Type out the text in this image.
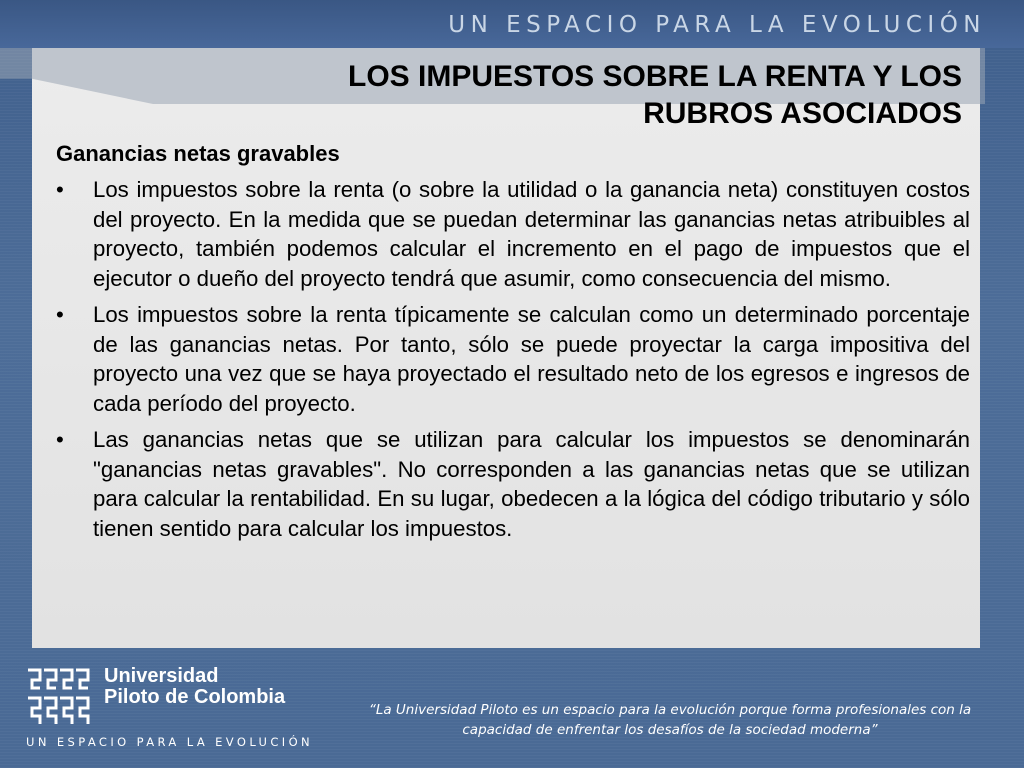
UN ESPACIO PARA LA EVOLUCIÓN
LOS IMPUESTOS SOBRE LA RENTA Y LOS
RUBROS ASOCIADOS
Ganancias netas gravables
• Los impuestos sobre la renta (o sobre la utilidad o la ganancia neta) constituyen costos del proyecto. En la medida que se puedan determinar las ganancias netas atribuibles al proyecto, también podemos calcular el incremento en el pago de impuestos que el ejecutor o dueño del proyecto tendrá que asumir, como consecuencia del mismo.
• Los impuestos sobre la renta típicamente se calculan como un determinado porcentaje de las ganancias netas. Por tanto, sólo se puede proyectar la carga impositiva del proyecto una vez que se haya proyectado el resultado neto de los egresos e ingresos de cada período del proyecto.
• Las ganancias netas que se utilizan para calcular los impuestos se denominarán "ganancias netas gravables". No corresponden a las ganancias netas que se utilizan para calcular la rentabilidad. En su lugar, obedecen a la lógica del código tributario y sólo tienen sentido para calcular los impuestos.
Universidad
Piloto de Colombia
UN ESPACIO PARA LA EVOLUCIÓN
“La Universidad Piloto es un espacio para la evolución porque forma profesionales con la
capacidad de enfrentar los desafíos de la sociedad moderna”
